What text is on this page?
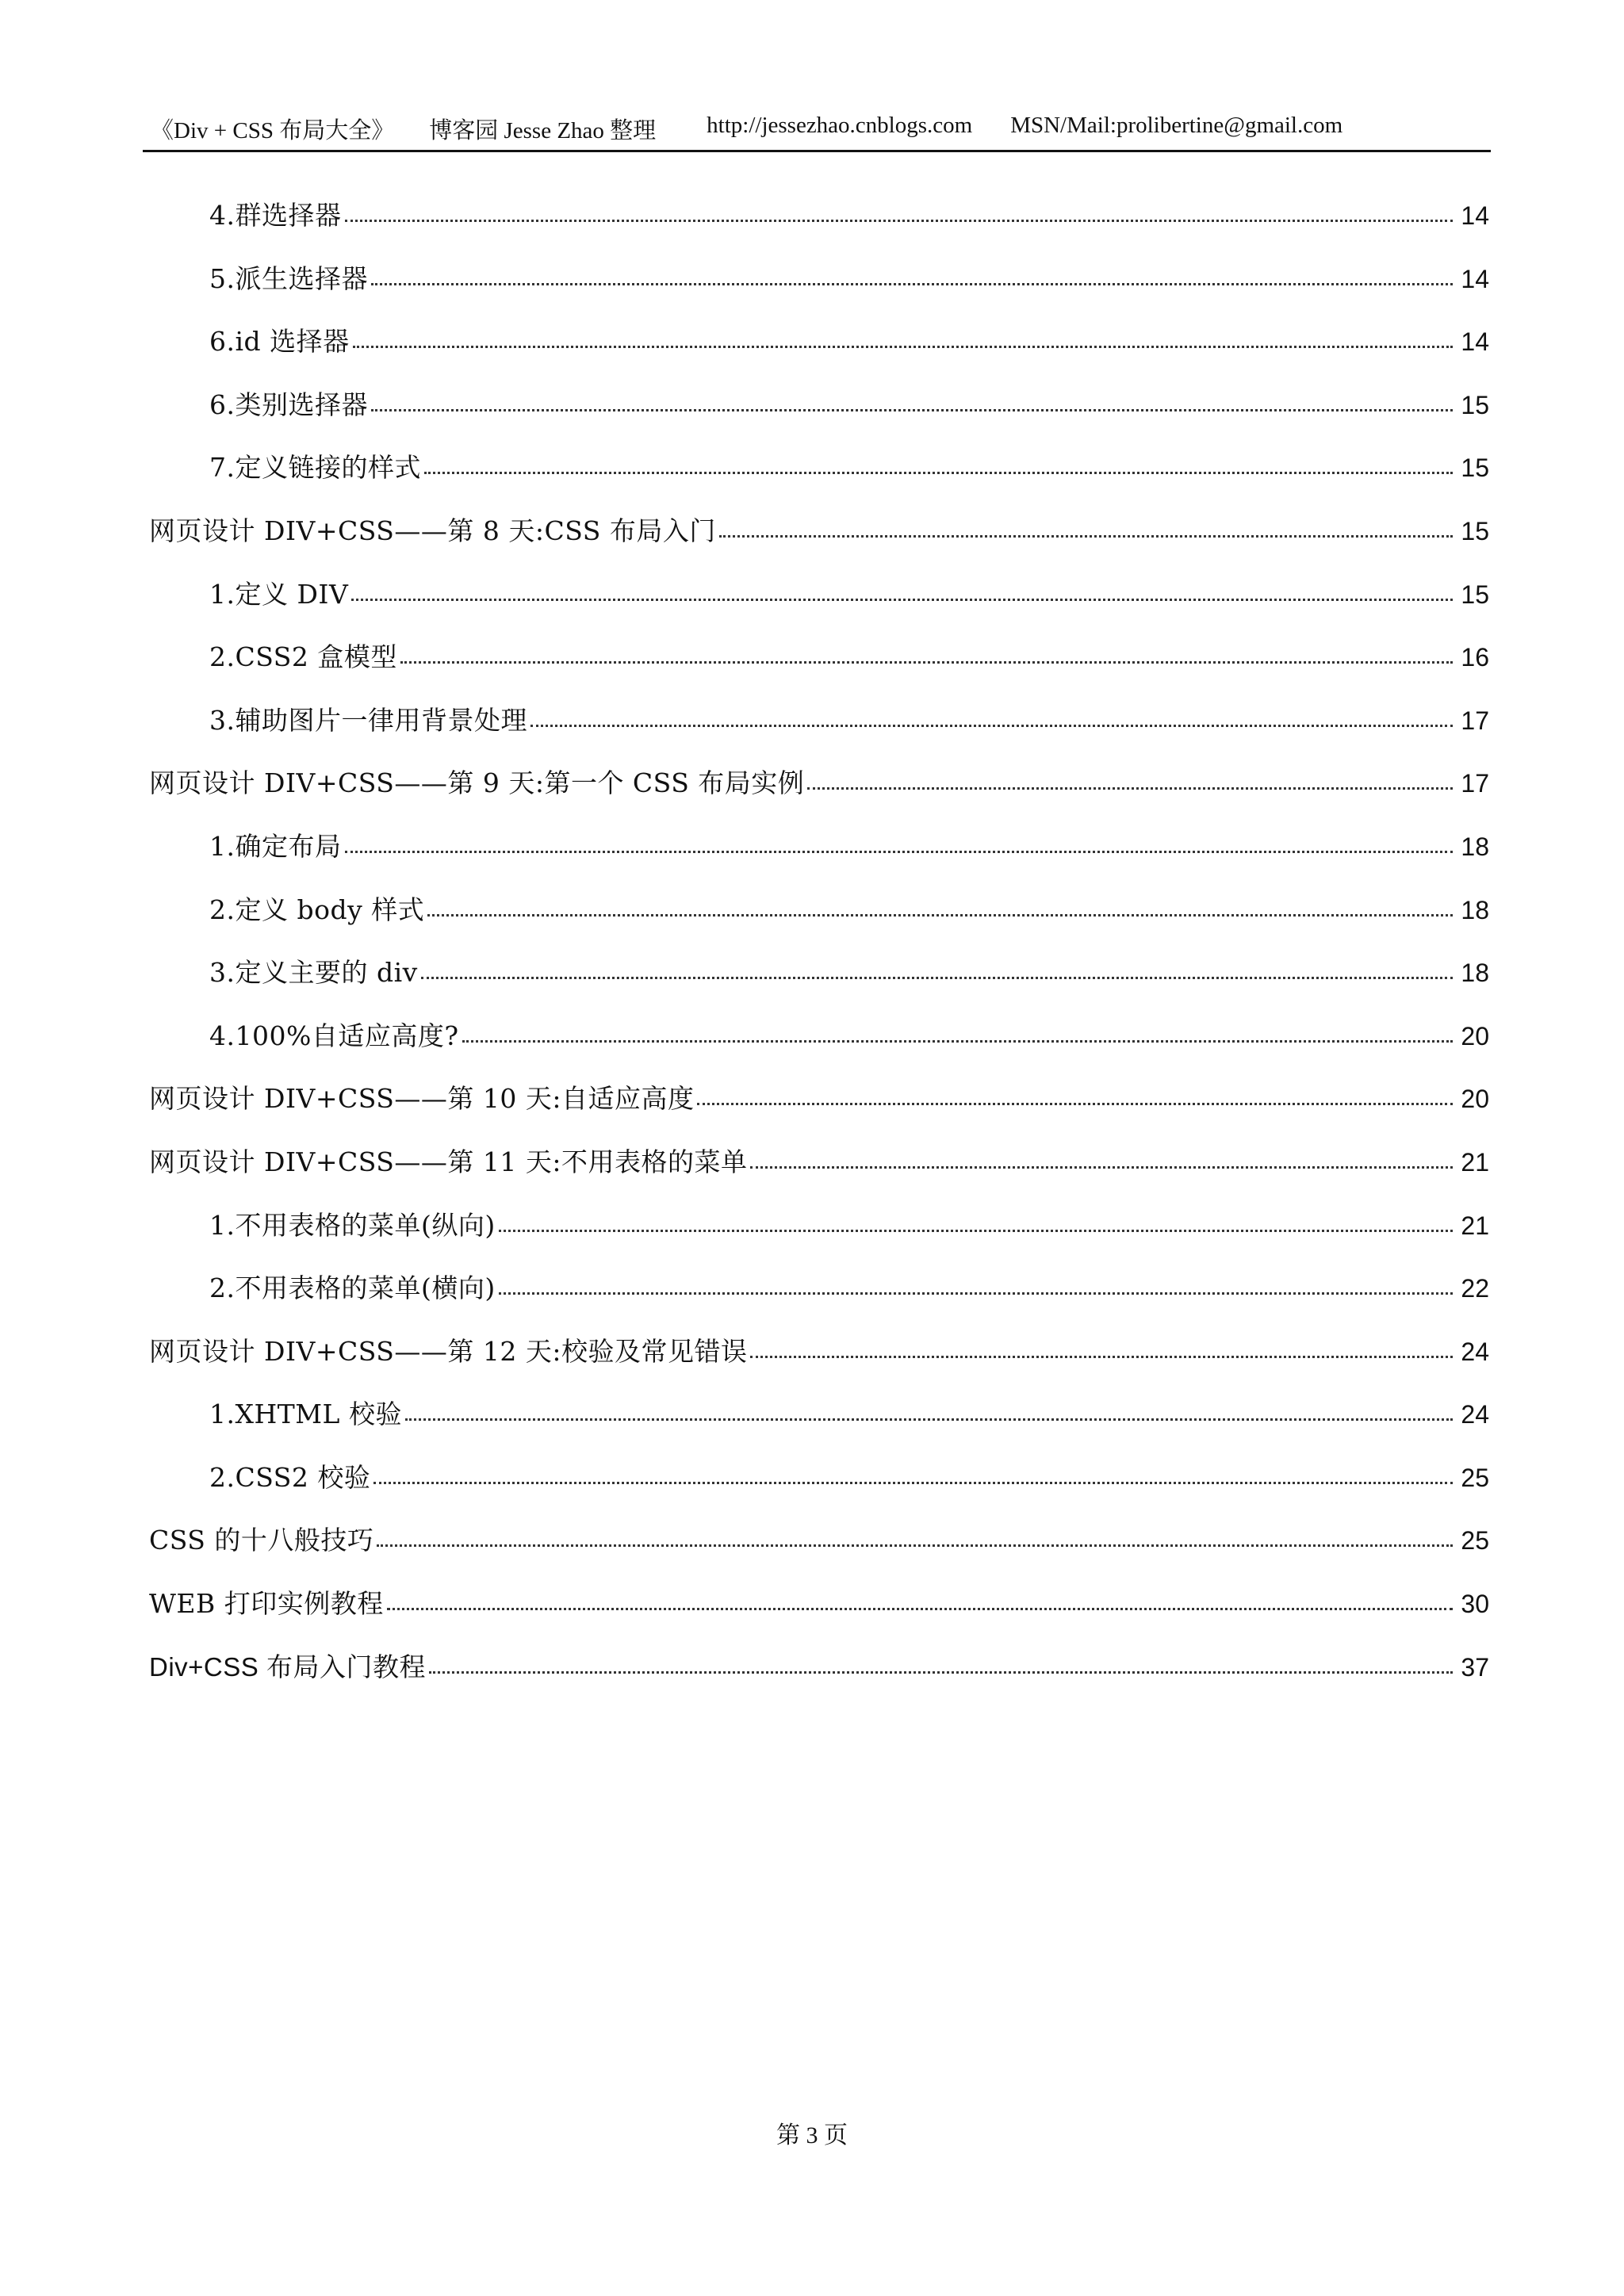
《Div + CSS 布局大全》 博客园 Jesse Zhao 整理 http://jessezhao.cnblogs.com MSN/Mail:prolibertine@gmail.com
4.群选择器	14
5.派生选择器	14
6.id 选择器	14
6.类别选择器	15
7.定义链接的样式	15
网页设计 DIV+CSS——第 8 天:CSS 布局入门	15
1.定义 DIV	15
2.CSS2 盒模型	16
3.辅助图片一律用背景处理	17
网页设计 DIV+CSS——第 9 天:第一个 CSS 布局实例	17
1.确定布局	18
2.定义 body 样式	18
3.定义主要的 div	18
4.100%自适应高度?	20
网页设计 DIV+CSS——第 10 天:自适应高度	20
网页设计 DIV+CSS——第 11 天:不用表格的菜单	21
1.不用表格的菜单(纵向)	21
2.不用表格的菜单(横向)	22
网页设计 DIV+CSS——第 12 天:校验及常见错误	24
1.XHTML 校验	24
2.CSS2 校验	25
CSS 的十八般技巧	25
WEB 打印实例教程	30
Div+CSS 布局入门教程	37
第 3 页
